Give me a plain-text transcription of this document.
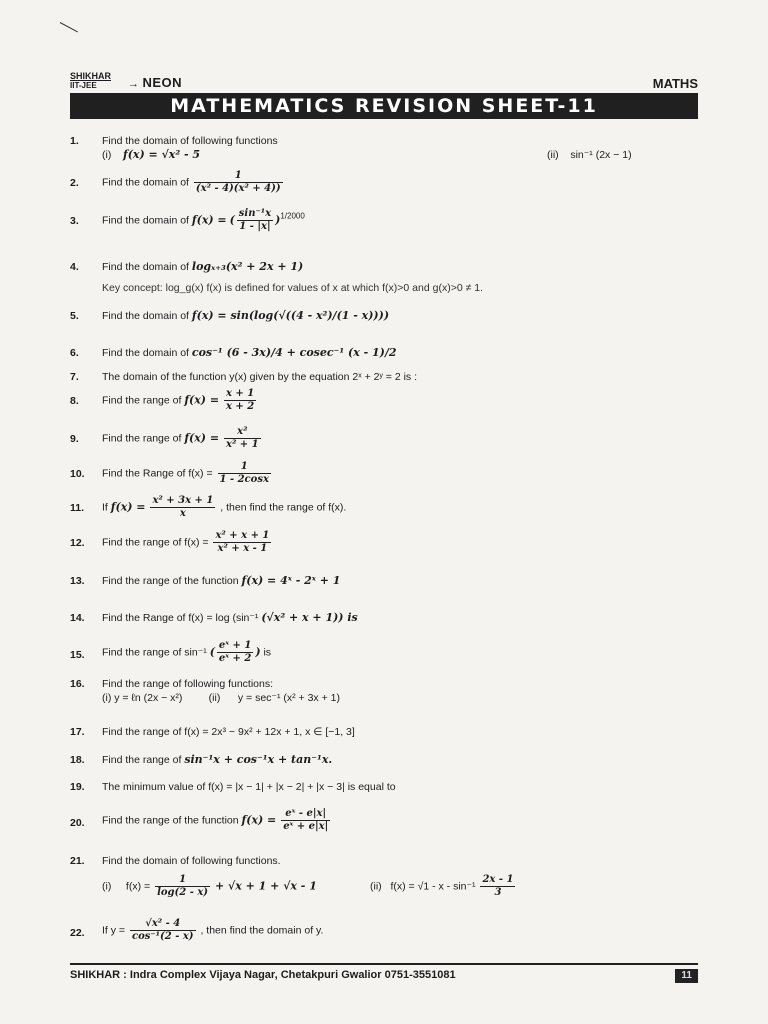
SHIKHAR
IIT-JEE
→	NEON	MATHS
MATHEMATICS REVISION SHEET-11
1.	Find the domain of following functions
(i) f(x) = √x² - 5	(ii) sin⁻¹ (2x − 1)
2.	Find the domain of $\frac{1}{\text{(x² - 4)(x² + 4))}}$
3.	Find the domain of f(x) = ( $\frac{\text{sin⁻¹x}}{1 - |x|} )^{1/2000}$
4.	Find the domain of logₓ₊₃(x² + 2x + 1)
Key concept: log_g(x) f(x) is defined for values of x at which f(x)>0 and g(x)>0 ≠ 1.
5.	Find the domain of f(x) = sin(log(√((4 - x²)/(1 - x))))
6.	Find the domain of cos⁻¹ (6 - 3x)/4 + cosec⁻¹ (x - 1)/2
7.	The domain of the function y(x) given by the equation 2ˣ + 2ʸ = 2 is :
8.	Find the range of $f(x) = \frac{x + 1}{x + 2}$
9.	Find the range of $f(x) = \frac{\text{x²}}{\text{x² + 1}}$
10.	Find the Range of $f(x) = \frac{1}{1 - 2\cos x}$
11.	If $f(x) = \frac{\text{x² + 3x + 1}}{x}$ , then find the range of f(x).
12.	Find the range of $f(x) = \frac{\text{x² + x + 1}}{\text{x² + x - 1}}$
13.	Find the range of the function f(x) = 4ˣ - 2ˣ + 1
14.	Find the Range of f(x) = log (sin⁻¹ (√x² + x + 1)) is
15.	Find the range of sin⁻¹ ( $\frac{\text{eˣ + 1}}{\text{eˣ + 2}}$ ) is
16.	Find the range of following functions:
(i) y = ℓn (2x − x²)	(ii) y = sec⁻¹ (x² + 3x + 1)
17.	Find the range of f(x) = 2x³ − 9x² + 12x + 1, x ∈ [−1, 3]
18.	Find the range of sin⁻¹x + cos⁻¹x + tan⁻¹x.
19.	The minimum value of f(x) = |x − 1| + |x − 2| + |x − 3| is equal to
20.	Find the range of the function $f(x) = \frac{\text{eˣ - e|x|}}{\text{eˣ + e|x|}}$
21.	Find the domain of following functions.
(i) $f(x) = \frac{1}{\log(2 - x)} + √x + 1 + √x - 1$	(ii) $f(x) = √1 - x - \sin^{-1} \frac{2x - 1}{3}$
22.	If $y = \frac{\text{√x² - 4}}{\text{cos⁻¹(2 - x)}}$ , then find the domain of y.
SHIKHAR : Indra Complex Vijaya Nagar, Chetakpuri Gwalior 0751-3551081	11
